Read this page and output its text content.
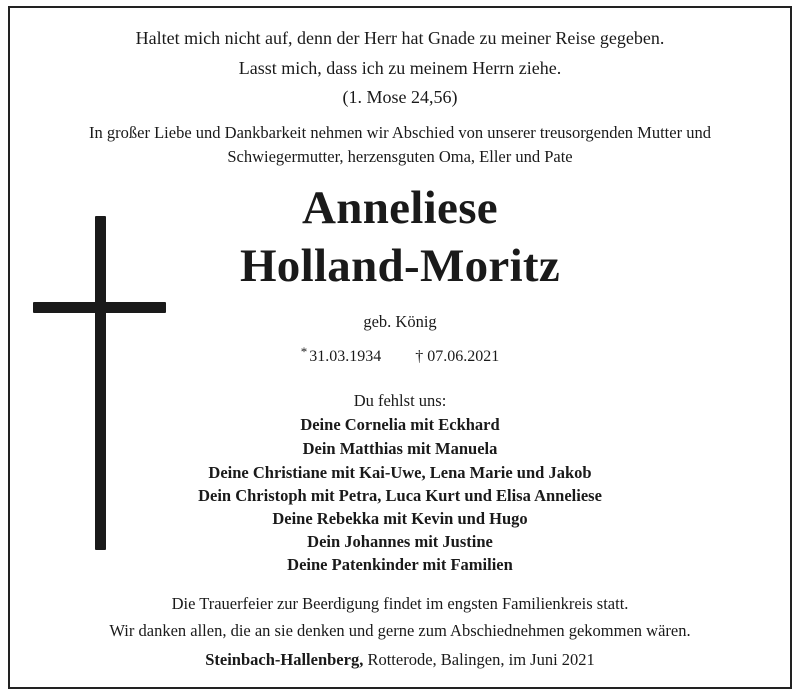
Haltet mich nicht auf, denn der Herr hat Gnade zu meiner Reise gegeben.
Lasst mich, dass ich zu meinem Herrn ziehe.
(1. Mose 24,56)
In großer Liebe und Dankbarkeit nehmen wir Abschied von unserer treusorgenden Mutter und
Schwiegermutter, herzensguten Oma, Eller und Pate
Anneliese
Holland-Moritz
geb. König
* 31.03.1934 † 07.06.2021
Du fehlst uns:
Deine Cornelia mit Eckhard
Dein Matthias mit Manuela
Deine Christiane mit Kai-Uwe, Lena Marie und Jakob
Dein Christoph mit Petra, Luca Kurt und Elisa Anneliese
Deine Rebekka mit Kevin und Hugo
Dein Johannes mit Justine
Deine Patenkinder mit Familien
Die Trauerfeier zur Beerdigung findet im engsten Familienkreis statt.
Wir danken allen, die an sie denken und gerne zum Abschiednehmen gekommen wären.
Steinbach-Hallenberg, Rotterode, Balingen, im Juni 2021
